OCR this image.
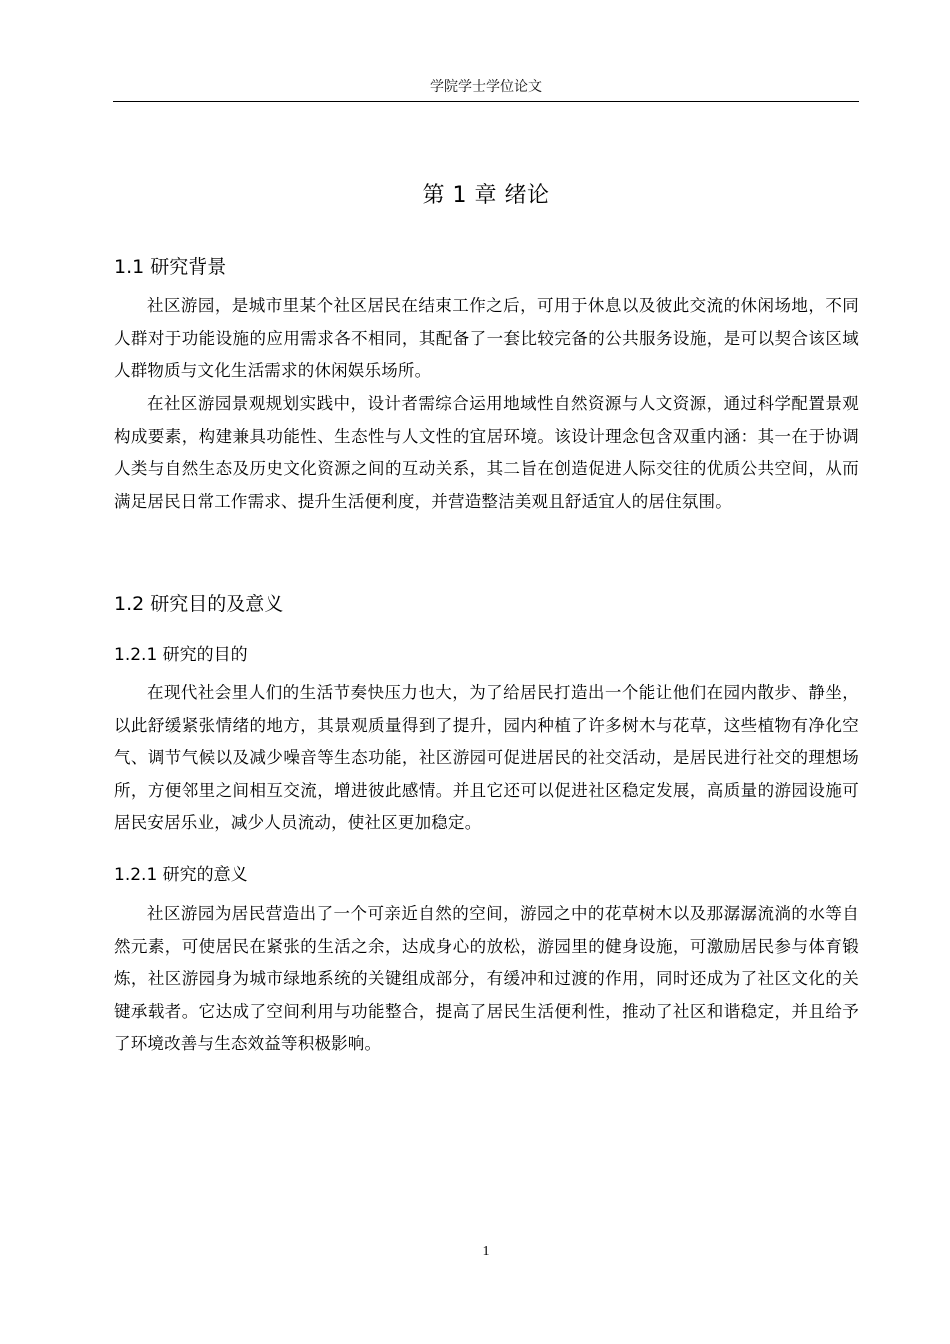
学院学士学位论文
第 1 章 绪论
1.1 研究背景
社区游园，是城市里某个社区居民在结束工作之后，可用于休息以及彼此交流的休闲场地，不同人群对于功能设施的应用需求各不相同，其配备了一套比较完备的公共服务设施，是可以契合该区域人群物质与文化生活需求的休闲娱乐场所。
在社区游园景观规划实践中，设计者需综合运用地域性自然资源与人文资源，通过科学配置景观构成要素，构建兼具功能性、生态性与人文性的宜居环境。该设计理念包含双重内涵：其一在于协调人类与自然生态及历史文化资源之间的互动关系，其二旨在创造促进人际交往的优质公共空间，从而满足居民日常工作需求、提升生活便利度，并营造整洁美观且舒适宜人的居住氛围。
1.2 研究目的及意义
1.2.1 研究的目的
在现代社会里人们的生活节奏快压力也大，为了给居民打造出一个能让他们在园内散步、静坐，以此舒缓紧张情绪的地方，其景观质量得到了提升，园内种植了许多树木与花草，这些植物有净化空气、调节气候以及减少噪音等生态功能，社区游园可促进居民的社交活动，是居民进行社交的理想场所，方便邻里之间相互交流，增进彼此感情。并且它还可以促进社区稳定发展，高质量的游园设施可居民安居乐业，减少人员流动，使社区更加稳定。
1.2.1 研究的意义
社区游园为居民营造出了一个可亲近自然的空间，游园之中的花草树木以及那潺潺流淌的水等自然元素，可使居民在紧张的生活之余，达成身心的放松，游园里的健身设施，可激励居民参与体育锻炼，社区游园身为城市绿地系统的关键组成部分，有缓冲和过渡的作用，同时还成为了社区文化的关键承载者。它达成了空间利用与功能整合，提高了居民生活便利性，推动了社区和谐稳定，并且给予了环境改善与生态效益等积极影响。
1
